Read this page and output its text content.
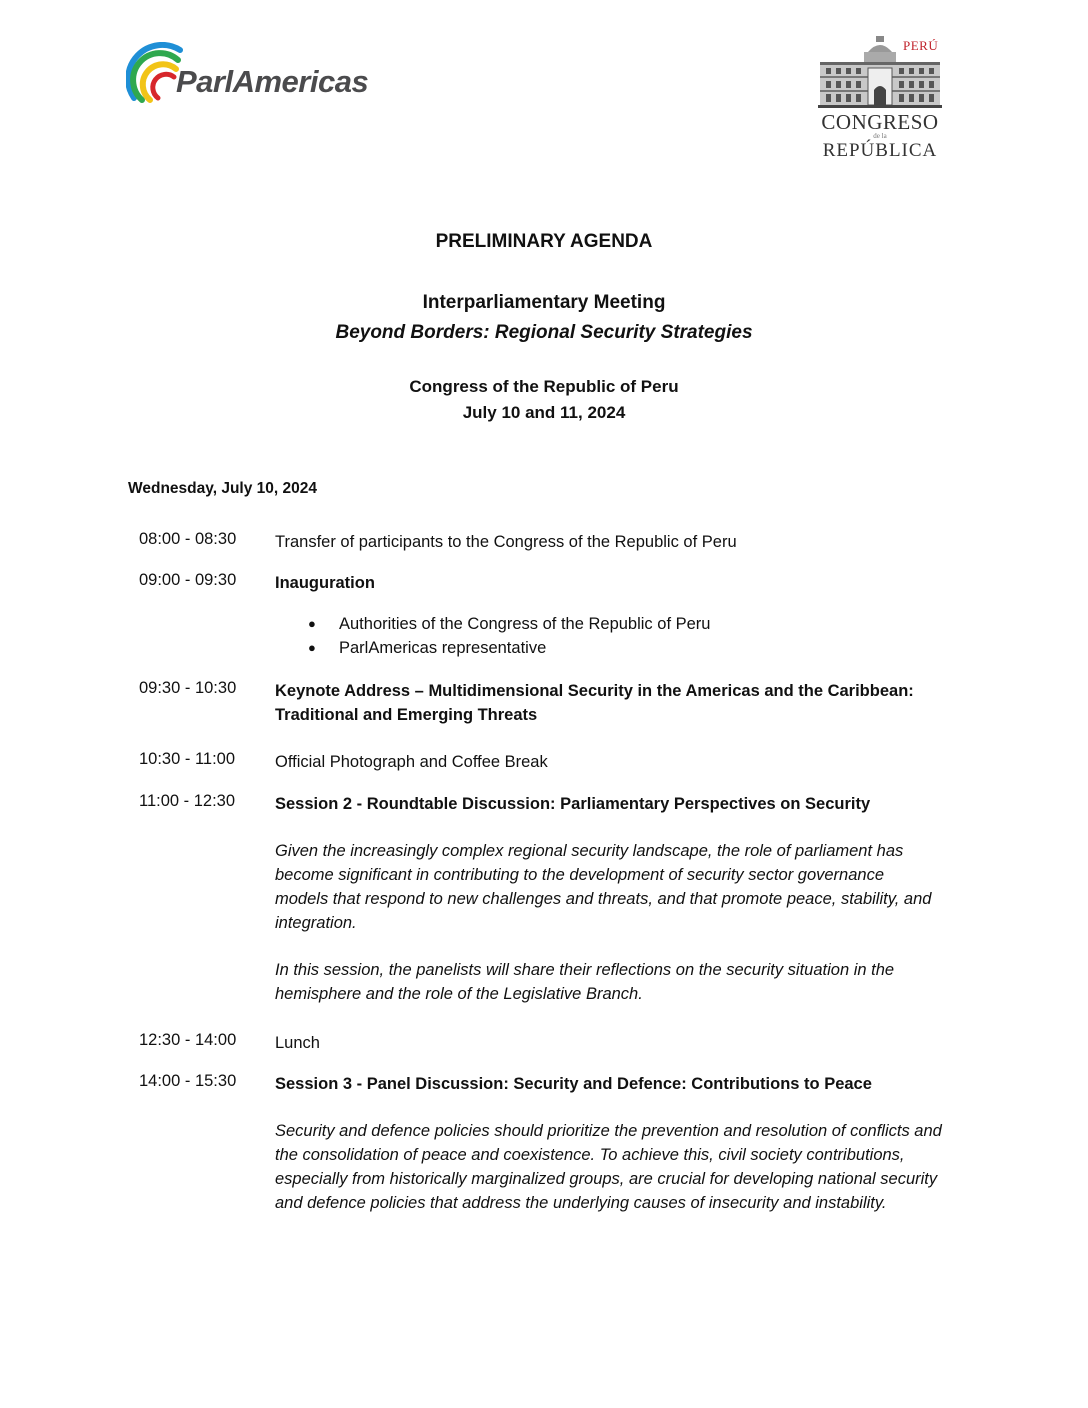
ParlAmericas
PERÚ
CONGRESO
de la
REPÚBLICA
PRELIMINARY AGENDA
Interparliamentary Meeting
Beyond Borders: Regional Security Strategies
Congress of the Republic of Peru
July 10 and 11, 2024
Wednesday, July 10, 2024
08:00 - 08:30 Transfer of participants to the Congress of the Republic of Peru
09:00 - 09:30 Inauguration
● Authorities of the Congress of the Republic of Peru
● ParlAmericas representative
09:30 - 10:30 Keynote Address – Multidimensional Security in the Americas and the Caribbean: Traditional and Emerging Threats
10:30 - 11:00 Official Photograph and Coffee Break
11:00 - 12:30 Session 2 - Roundtable Discussion: Parliamentary Perspectives on Security
Given the increasingly complex regional security landscape, the role of parliament has become significant in contributing to the development of security sector governance models that respond to new challenges and threats, and that promote peace, stability, and integration.
In this session, the panelists will share their reflections on the security situation in the hemisphere and the role of the Legislative Branch.
12:30 - 14:00 Lunch
14:00 - 15:30 Session 3 - Panel Discussion: Security and Defence: Contributions to Peace
Security and defence policies should prioritize the prevention and resolution of conflicts and the consolidation of peace and coexistence. To achieve this, civil society contributions, especially from historically marginalized groups, are crucial for developing national security and defence policies that address the underlying causes of insecurity and instability.
